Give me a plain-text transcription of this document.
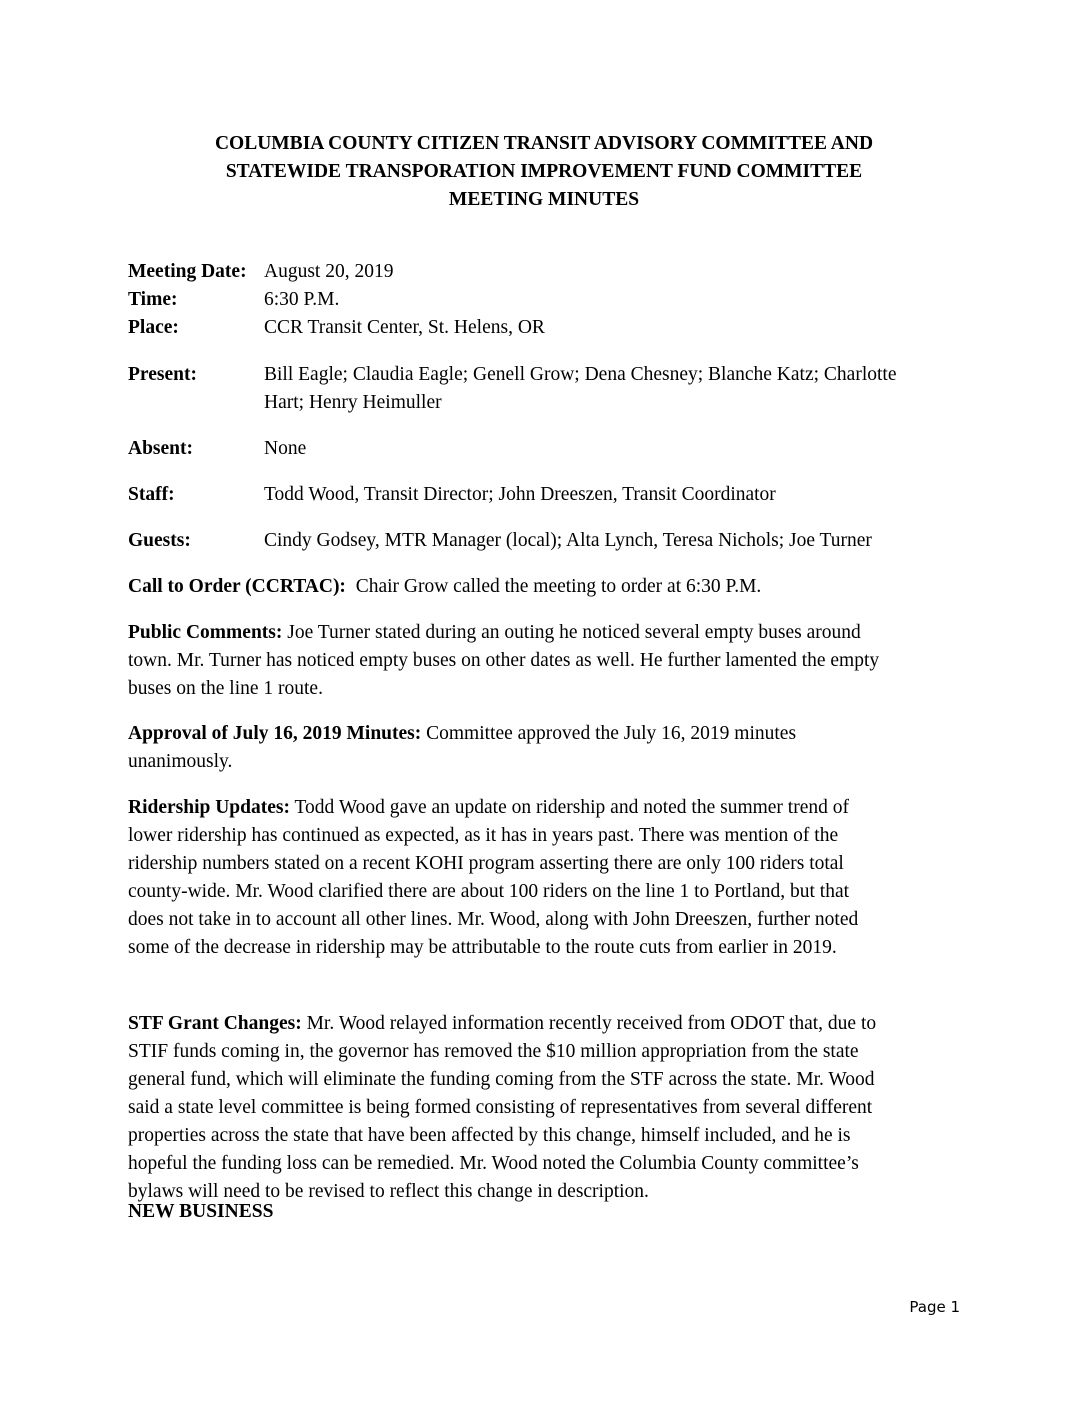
COLUMBIA COUNTY CITIZEN TRANSIT ADVISORY COMMITTEE AND
STATEWIDE TRANSPORATION IMPROVEMENT FUND COMMITTEE
MEETING MINUTES
Meeting Date: August 20, 2019
Time:	6:30 P.M.
Place:	CCR Transit Center, St. Helens, OR
Present:	Bill Eagle; Claudia Eagle; Genell Grow; Dena Chesney; Blanche Katz; Charlotte
Hart; Henry Heimuller
Absent:	None
Staff:	Todd Wood, Transit Director; John Dreeszen, Transit Coordinator
Guests:	Cindy Godsey, MTR Manager (local); Alta Lynch, Teresa Nichols; Joe Turner
Call to Order (CCRTAC):  Chair Grow called the meeting to order at 6:30 P.M.
Public Comments: Joe Turner stated during an outing he noticed several empty buses around
town. Mr. Turner has noticed empty buses on other dates as well. He further lamented the empty
buses on the line 1 route.
Approval of July 16, 2019 Minutes: Committee approved the July 16, 2019 minutes
unanimously.
Ridership Updates: Todd Wood gave an update on ridership and noted the summer trend of
lower ridership has continued as expected, as it has in years past. There was mention of the
ridership numbers stated on a recent KOHI program asserting there are only 100 riders total
county-wide. Mr. Wood clarified there are about 100 riders on the line 1 to Portland, but that
does not take in to account all other lines. Mr. Wood, along with John Dreeszen, further noted
some of the decrease in ridership may be attributable to the route cuts from earlier in 2019.
STF Grant Changes: Mr. Wood relayed information recently received from ODOT that, due to
STIF funds coming in, the governor has removed the $10 million appropriation from the state
general fund, which will eliminate the funding coming from the STF across the state. Mr. Wood
said a state level committee is being formed consisting of representatives from several different
properties across the state that have been affected by this change, himself included, and he is
hopeful the funding loss can be remedied. Mr. Wood noted the Columbia County committee’s
bylaws will need to be revised to reflect this change in description.
NEW BUSINESS
Page 1
